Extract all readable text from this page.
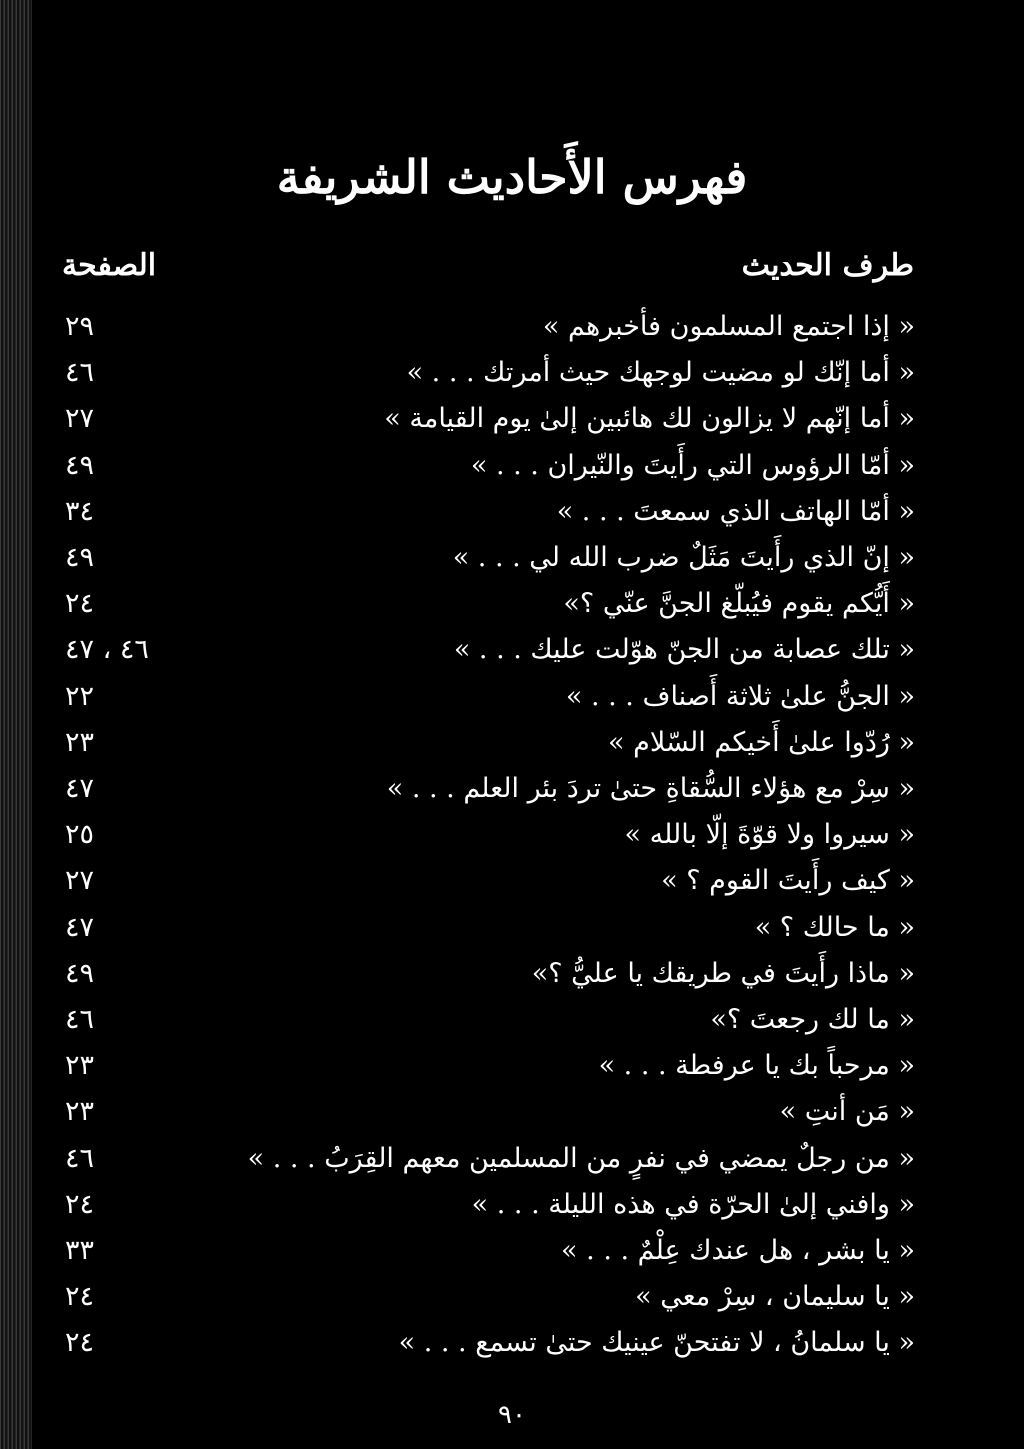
فهرس الأَحاديث الشريفة
طرف الحديث
الصفحة
« إذا اجتمع المسلمون فأخبرهم »
٢٩
« أما إنّك لو مضيت لوجهك حيث أمرتك . . . »
٤٦
« أما إنّهم لا يزالون لك هائبين إلىٰ يوم القيامة »
٢٧
« أمّا الرؤوس التي رأَيتَ والنّيران . . . »
٤٩
« أمّا الهاتف الذي سمعتَ . . . »
٣٤
« إنّ الذي رأَيتَ مَثَلٌ ضرب الله لي . . . »
٤٩
« أَيُّكم يقوم فيُبلّغ الجنَّ عنّي ؟»
٢٤
« تلك عصابة من الجنّ هوّلت عليك . . . »
٤٦ ، ٤٧
« الجنُّ علىٰ ثلاثة أَصناف . . . »
٢٢
« رُدّوا علىٰ أَخيكم السّلام »
٢٣
« سِرْ مع هؤلاء السُّقاةِ حتىٰ تردَ بئر العلم . . . »
٤٧
« سيروا ولا قوّةَ إلّا بالله »
٢٥
« كيف رأَيتَ القوم ؟ »
٢٧
« ما حالك ؟ »
٤٧
« ماذا رأَيتَ في طريقك يا عليُّ ؟»
٤٩
« ما لك رجعتَ ؟»
٤٦
« مرحباً بك يا عرفطة . . . »
٢٣
« مَن أنتِ »
٢٣
« من رجلٌ يمضي في نفرٍ من المسلمين معهم القِرَبُ . . . »
٤٦
« وافني إلىٰ الحرّة في هذه الليلة . . . »
٢٤
« يا بشر ، هل عندك عِلْمٌ . . . »
٣٣
« يا سليمان ، سِرْ معي »
٢٤
« يا سلمانُ ، لا تفتحنّ عينيك حتىٰ تسمع . . . »
٢٤
٩٠
